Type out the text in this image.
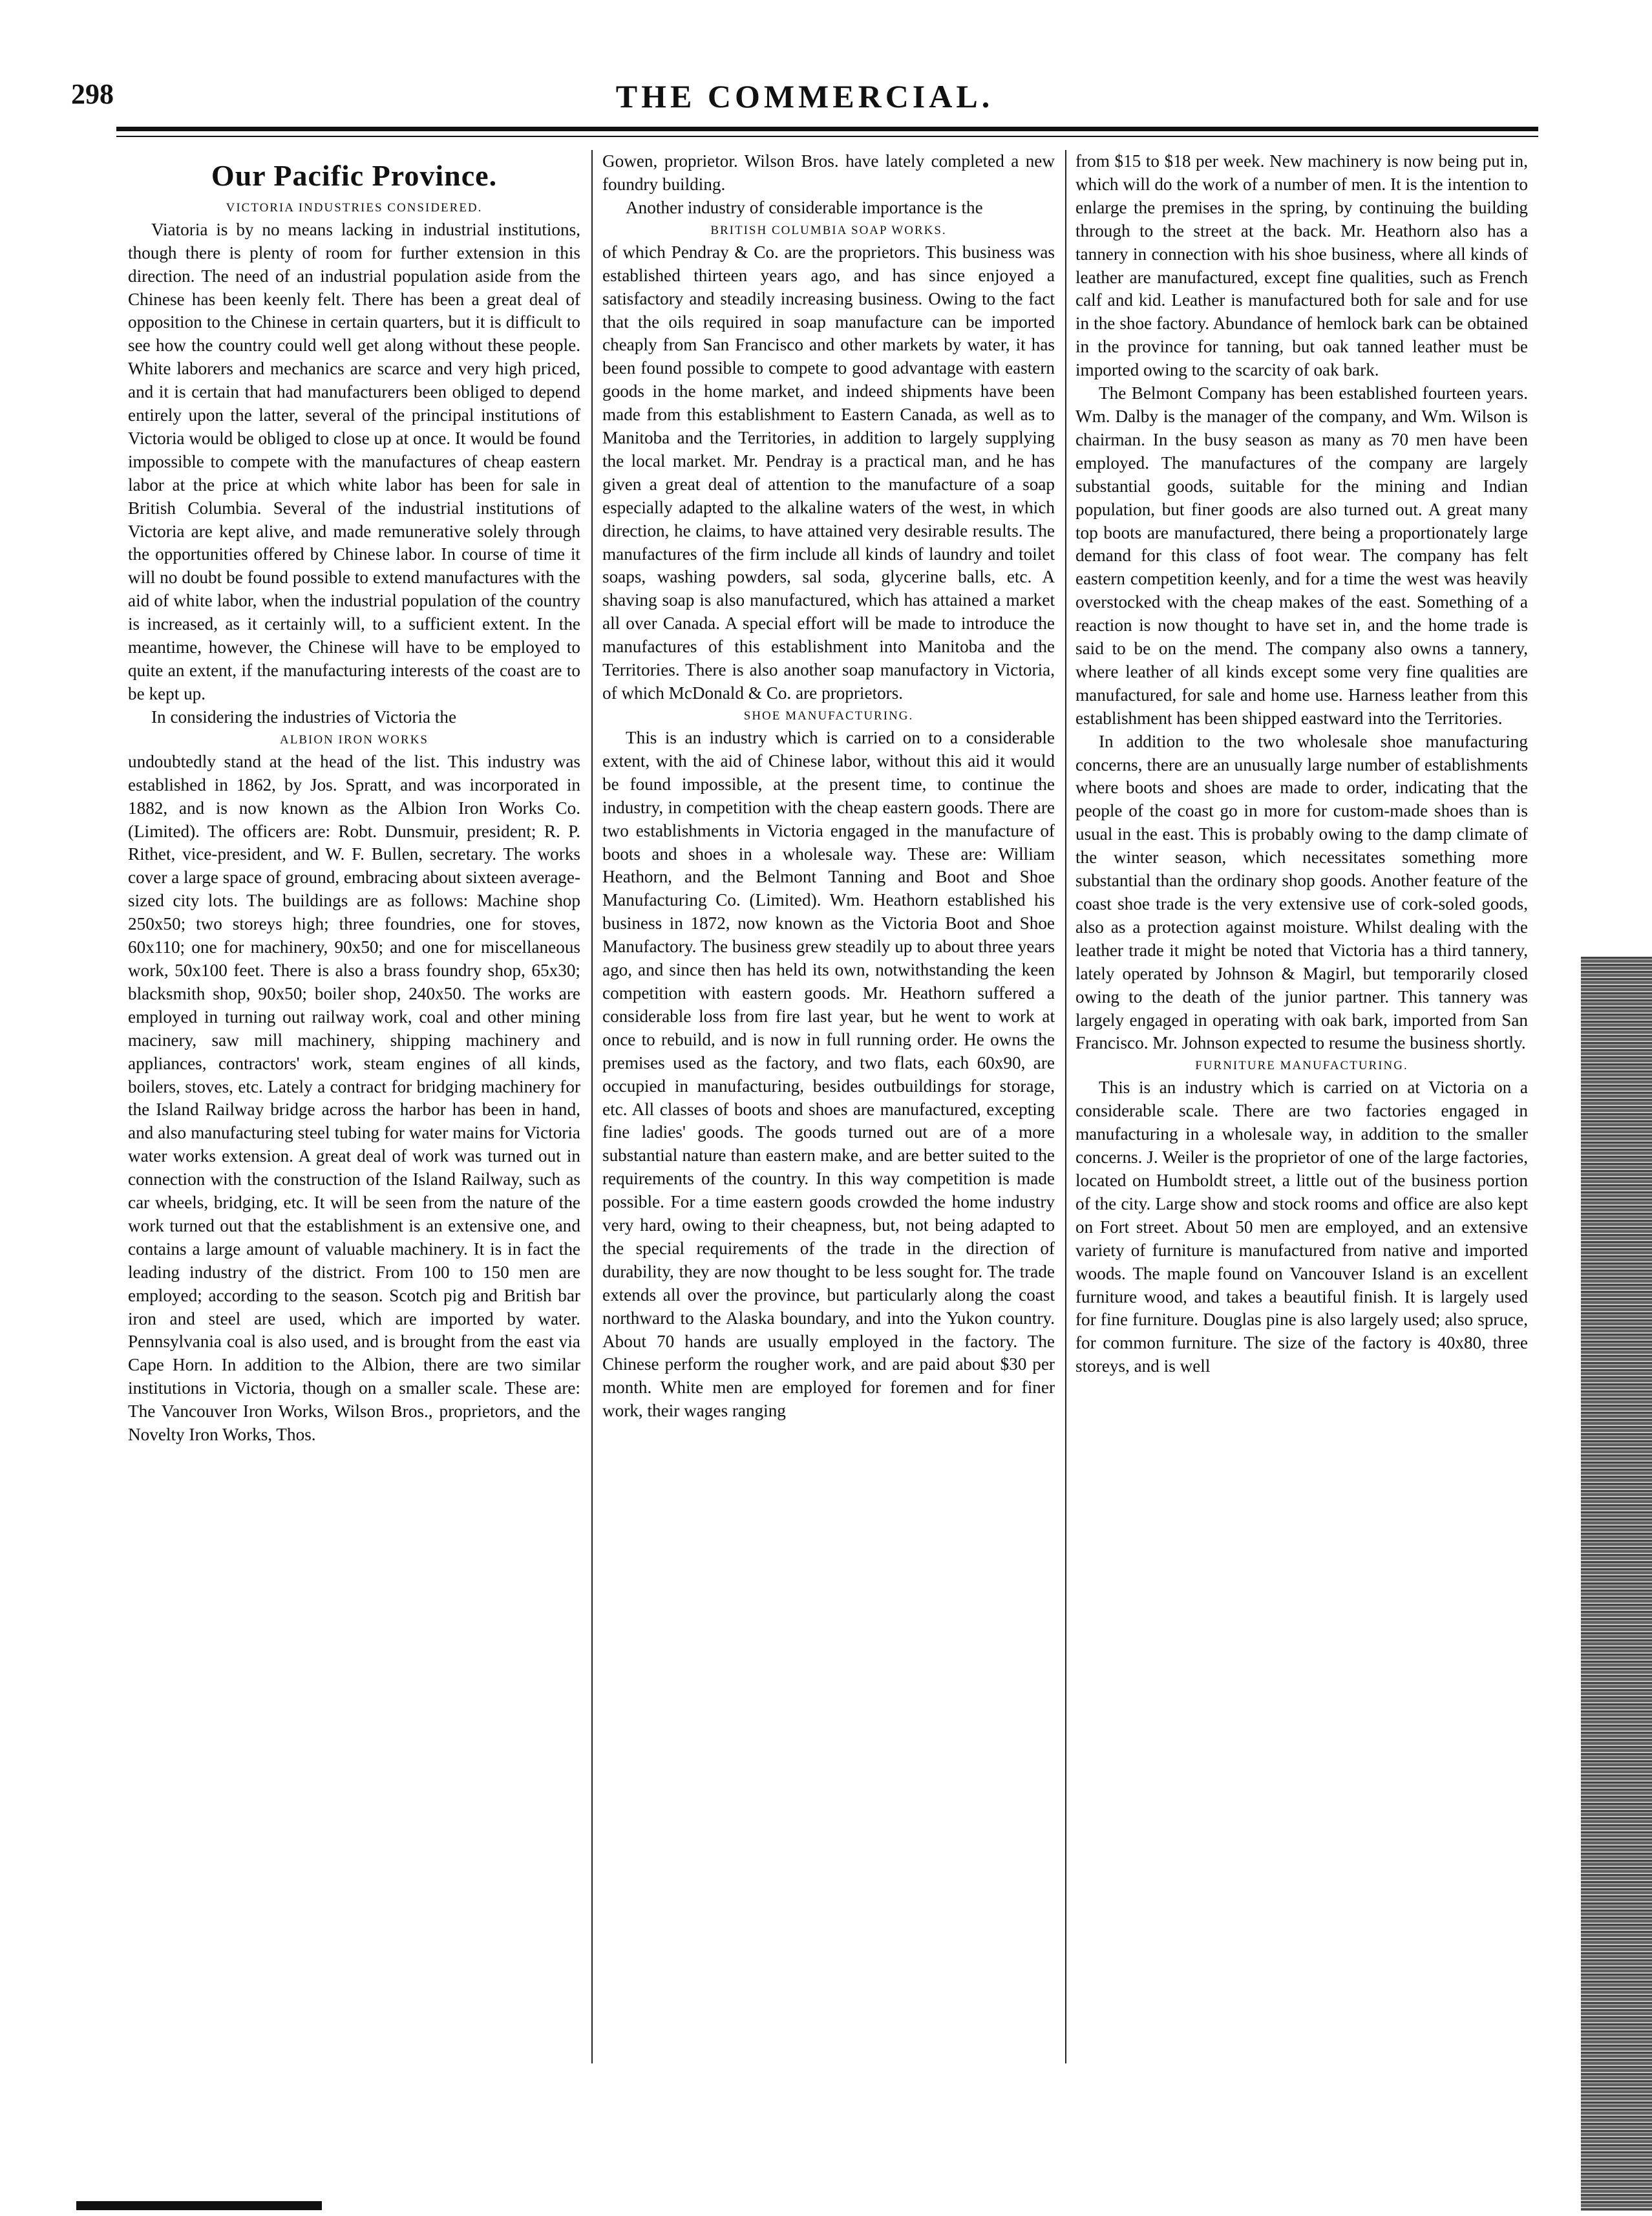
298	THE COMMERCIAL.
Our Pacific Province.
VICTORIA INDUSTRIES CONSIDERED.

Viatoria is by no means lacking in industrial institutions, though there is plenty of room for further extension in this direction. The need of an industrial population aside from the Chinese has been keenly felt. There has been a great deal of opposition to the Chinese in certain quarters, but it is difficult to see how the country could well get along without these people. White laborers and mechanics are scarce and very high priced, and it is certain that had manufacturers been obliged to depend entirely upon the latter, several of the principal institutions of Victoria would be obliged to close up at once. It would be found impossible to compete with the manufactures of cheap eastern labor at the price at which white labor has been for sale in British Columbia. Several of the industrial institutions of Victoria are kept alive, and made remunerative solely through the opportunities offered by Chinese labor. In course of time it will no doubt be found possible to extend manufactures with the aid of white labor, when the industrial population of the country is increased, as it certainly will, to a sufficient extent. In the meantime, however, the Chinese will have to be employed to quite an extent, if the manufacturing interests of the coast are to be kept up.

In considering the industries of Victoria the

ALBION IRON WORKS

undoubtedly stand at the head of the list. This industry was established in 1862, by Jos. Spratt, and was incorporated in 1882, and is now known as the Albion Iron Works Co. (Limited). The officers are: Robt. Dunsmuir, president; R. P. Rithet, vice-president, and W. F. Bullen, secretary. The works cover a large space of ground, embracing about sixteen average-sized city lots. The buildings are as follows: Machine shop 250x50; two storeys high; three foundries, one for stoves, 60x110; one for machinery, 90x50; and one for miscellaneous work, 50x100 feet. There is also a brass foundry shop, 65x30; blacksmith shop, 90x50; boiler shop, 240x50. The works are employed in turning out railway work, coal and other mining macinery, saw mill machinery, shipping machinery and appliances, contractors' work, steam engines of all kinds, boilers, stoves, etc. Lately a contract for bridging machinery for the Island Railway bridge across the harbor has been in hand, and also manufacturing steel tubing for water mains for Victoria water works extension. A great deal of work was turned out in connection with the construction of the Island Railway, such as car wheels, bridging, etc. It will be seen from the nature of the work turned out that the establishment is an extensive one, and contains a large amount of valuable machinery. It is in fact the leading industry of the district. From 100 to 150 men are employed; according to the season. Scotch pig and British bar iron and steel are used, which are imported by water. Pennsylvania coal is also used, and is brought from the east via Cape Horn. In addition to the Albion, there are two similar institutions in Victoria, though on a smaller scale. These are: The Vancouver Iron Works, Wilson Bros., proprietors, and the Novelty Iron Works, Thos.

Gowen, proprietor. Wilson Bros. have lately completed a new foundry building.

Another industry of considerable importance is the

BRITISH COLUMBIA SOAP WORKS.

of which Pendray & Co. are the proprietors. This business was established thirteen years ago, and has since enjoyed a satisfactory and steadily increasing business. Owing to the fact that the oils required in soap manufacture can be imported cheaply from San Francisco and other markets by water, it has been found possible to compete to good advantage with eastern goods in the home market, and indeed shipments have been made from this establishment to Eastern Canada, as well as to Manitoba and the Territories, in addition to largely supplying the local market. Mr. Pendray is a practical man, and he has given a great deal of attention to the manufacture of a soap especially adapted to the alkaline waters of the west, in which direction, he claims, to have attained very desirable results. The manufactures of the firm include all kinds of laundry and toilet soaps, washing powders, sal soda, glycerine balls, etc. A shaving soap is also manufactured, which has attained a market all over Canada. A special effort will be made to introduce the manufactures of this establishment into Manitoba and the Territories. There is also another soap manufactory in Victoria, of which McDonald & Co. are proprietors.

SHOE MANUFACTURING.

This is an industry which is carried on to a considerable extent, with the aid of Chinese labor, without this aid it would be found impossible, at the present time, to continue the industry, in competition with the cheap eastern goods. There are two establishments in Victoria engaged in the manufacture of boots and shoes in a wholesale way. These are: William Heathorn, and the Belmont Tanning and Boot and Shoe Manufacturing Co. (Limited). Wm. Heathorn established his business in 1872, now known as the Victoria Boot and Shoe Manufactory. The business grew steadily up to about three years ago, and since then has held its own, notwithstanding the keen competition with eastern goods. Mr. Heathorn suffered a considerable loss from fire last year, but he went to work at once to rebuild, and is now in full running order. He owns the premises used as the factory, and two flats, each 60x90, are occupied in manufacturing, besides outbuildings for storage, etc. All classes of boots and shoes are manufactured, excepting fine ladies' goods. The goods turned out are of a more substantial nature than eastern make, and are better suited to the requirements of the country. In this way competition is made possible. For a time eastern goods crowded the home industry very hard, owing to their cheapness, but, not being adapted to the special requirements of the trade in the direction of durability, they are now thought to be less sought for. The trade extends all over the province, but particularly along the coast northward to the Alaska boundary, and into the Yukon country. About 70 hands are usually employed in the factory. The Chinese perform the rougher work, and are paid about $30 per month. White men are employed for foremen and for finer work, their wages ranging

from $15 to $18 per week. New machinery is now being put in, which will do the work of a number of men. It is the intention to enlarge the premises in the spring, by continuing the building through to the street at the back. Mr. Heathorn also has a tannery in connection with his shoe business, where all kinds of leather are manufactured, except fine qualities, such as French calf and kid. Leather is manufactured both for sale and for use in the shoe factory. Abundance of hemlock bark can be obtained in the province for tanning, but oak tanned leather must be imported owing to the scarcity of oak bark.

The Belmont Company has been established fourteen years. Wm. Dalby is the manager of the company, and Wm. Wilson is chairman. In the busy season as many as 70 men have been employed. The manufactures of the company are largely substantial goods, suitable for the mining and Indian population, but finer goods are also turned out. A great many top boots are manufactured, there being a proportionately large demand for this class of foot wear. The company has felt eastern competition keenly, and for a time the west was heavily overstocked with the cheap makes of the east. Something of a reaction is now thought to have set in, and the home trade is said to be on the mend. The company also owns a tannery, where leather of all kinds except some very fine qualities are manufactured, for sale and home use. Harness leather from this establishment has been shipped eastward into the Territories.

In addition to the two wholesale shoe manufacturing concerns, there are an unusually large number of establishments where boots and shoes are made to order, indicating that the people of the coast go in more for custom-made shoes than is usual in the east. This is probably owing to the damp climate of the winter season, which necessitates something more substantial than the ordinary shop goods. Another feature of the coast shoe trade is the very extensive use of cork-soled goods, also as a protection against moisture. Whilst dealing with the leather trade it might be noted that Victoria has a third tannery, lately operated by Johnson & Magirl, but temporarily closed owing to the death of the junior partner. This tannery was largely engaged in operating with oak bark, imported from San Francisco. Mr. Johnson expected to resume the business shortly.

FURNITURE MANUFACTURING.

This is an industry which is carried on at Victoria on a considerable scale. There are two factories engaged in manufacturing in a wholesale way, in addition to the smaller concerns. J. Weiler is the proprietor of one of the large factories, located on Humboldt street, a little out of the business portion of the city. Large show and stock rooms and office are also kept on Fort street. About 50 men are employed, and an extensive variety of furniture is manufactured from native and imported woods. The maple found on Vancouver Island is an excellent furniture wood, and takes a beautiful finish. It is largely used for fine furniture. Douglas pine is also largely used; also spruce, for common furniture. The size of the factory is 40x80, three storeys, and is well
